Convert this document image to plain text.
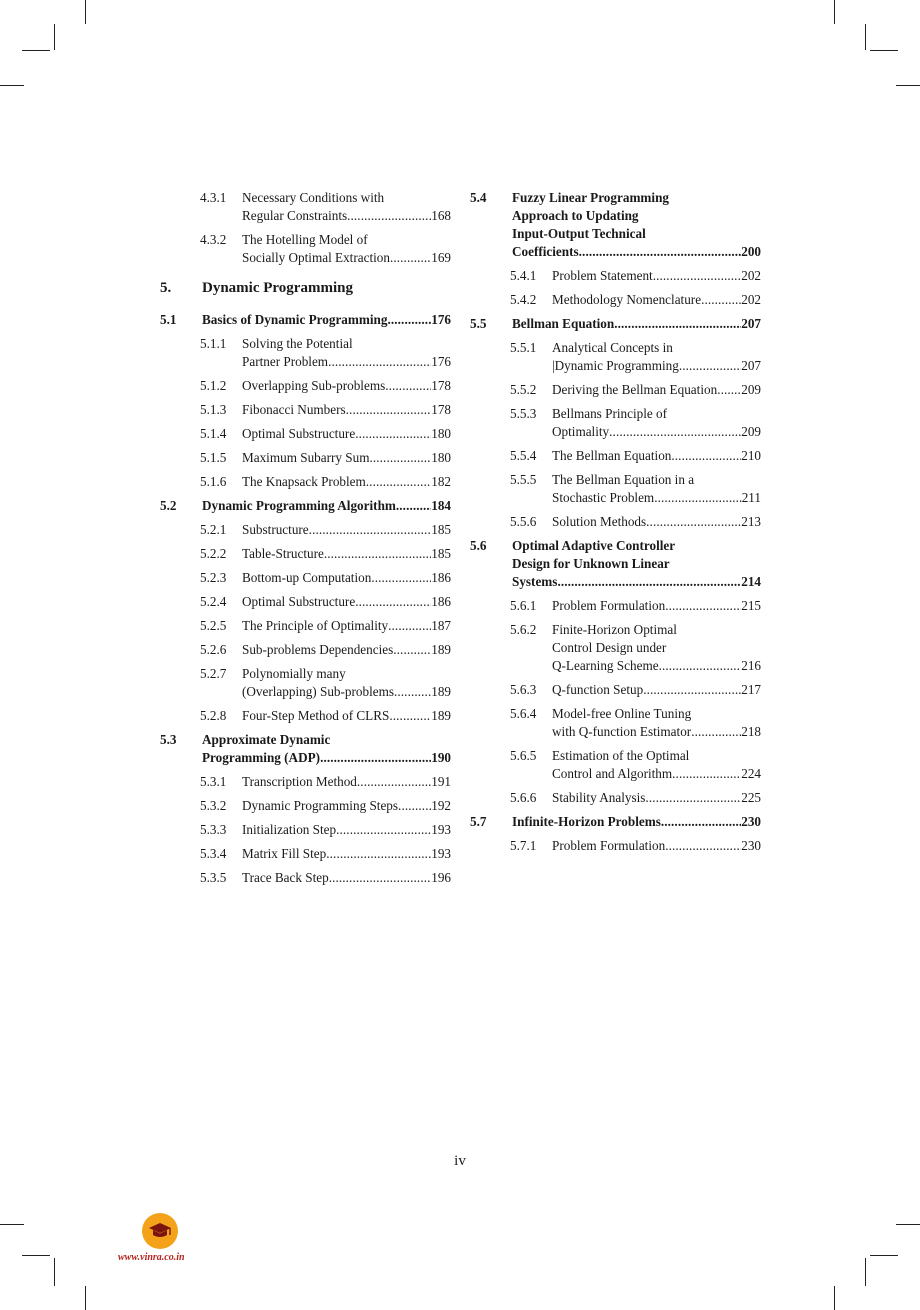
4.3.1	Necessary Conditions with
Regular Constraints . . .	168
4.3.2	The Hotelling Model of
Socially Optimal Extraction . . .	169
5.	Dynamic Programming
5.1	Basics of Dynamic Programming . . .	176
5.1.1	Solving the Potential
Partner Problem . . .	176
5.1.2	Overlapping Sub-problems . . .	178
5.1.3	Fibonacci Numbers . . .	178
5.1.4	Optimal Substructure . . .	180
5.1.5	Maximum Subarry Sum . . .	180
5.1.6	The Knapsack Problem . . .	182
5.2	Dynamic Programming Algorithm . . .	184
5.2.1	Substructure . . .	185
5.2.2	Table-Structure . . .	185
5.2.3	Bottom-up Computation . . .	186
5.2.4	Optimal Substructure . . .	186
5.2.5	The Principle of Optimality . . .	187
5.2.6	Sub-problems Dependencies . . .	189
5.2.7	Polynomially many
(Overlapping) Sub-problems . . .	189
5.2.8	Four-Step Method of CLRS . . .	189
5.3	Approximate Dynamic
Programming (ADP) . . .	190
5.3.1	Transcription Method . . .	191
5.3.2	Dynamic Programming Steps . . .	192
5.3.3	Initialization Step . . .	193
5.3.4	Matrix Fill Step . . .	193
5.3.5	Trace Back Step . . .	196
5.4	Fuzzy Linear Programming
Approach to Updating
Input-Output Technical
Coefficients . . .	200
5.4.1	Problem Statement . . .	202
5.4.2	Methodology Nomenclature . . .	202
5.5	Bellman Equation . . .	207
5.5.1	Analytical Concepts in
|Dynamic Programming . . .	207
5.5.2	Deriving the Bellman Equation . . . 209
5.5.3	Bellmans Principle of
Optimality . . .	209
5.5.4	The Bellman Equation . . .	210
5.5.5	The Bellman Equation in a
Stochastic Problem . . .	211
5.5.6	Solution Methods . . .	213
5.6	Optimal Adaptive Controller
Design for Unknown Linear
Systems . . .	214
5.6.1	Problem Formulation . . .	215
5.6.2	Finite-Horizon Optimal
Control Design under
Q-Learning Scheme . . .	216
5.6.3	Q-function Setup . . .	217
5.6.4	Model-free Online Tuning
with Q-function Estimator . . .	218
5.6.5	Estimation of the Optimal
Control and Algorithm . . .	224
5.6.6	Stability Analysis . . .	225
5.7	Infinite-Horizon Problems . . .	230
5.7.1	Problem Formulation . . .	230
iv
www.vinra.co.in
